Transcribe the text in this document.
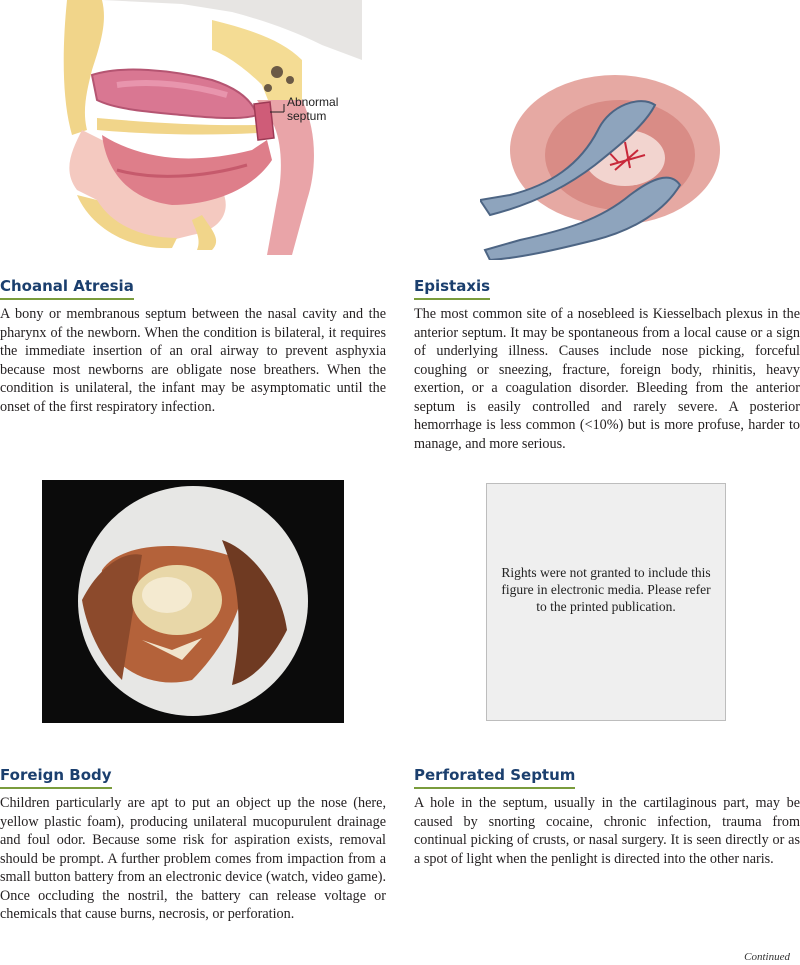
Abnormal septum
Choanal Atresia

A bony or membranous septum between the nasal cavity and the pharynx of the newborn. When the condition is bilateral, it requires the immediate insertion of an oral airway to prevent asphyxia because most newborns are obligate nose breathers. When the condition is unilateral, the infant may be asymptomatic until the onset of the first respiratory infection.

Epistaxis

The most common site of a nosebleed is Kiesselbach plexus in the anterior septum. It may be spontaneous from a local cause or a sign of underlying illness. Causes include nose picking, forceful coughing or sneezing, fracture, foreign body, rhinitis, heavy exertion, or a coagulation disorder. Bleeding from the anterior septum is easily controlled and rarely severe. A posterior hemorrhage is less common (<10%) but is more profuse, harder to manage, and more serious.

Rights were not granted to include this figure in electronic media. Please refer to the printed publication.
Foreign Body

Children particularly are apt to put an object up the nose (here, yellow plastic foam), producing unilateral mucopurulent drainage and foul odor. Because some risk for aspiration exists, removal should be prompt. A further problem comes from impaction from a small button battery from an electronic device (watch, video game). Once occluding the nostril, the battery can release voltage or chemicals that cause burns, necrosis, or perforation.

Perforated Septum

A hole in the septum, usually in the cartilaginous part, may be caused by snorting cocaine, chronic infection, trauma from continual picking of crusts, or nasal surgery. It is seen directly or as a spot of light when the penlight is directed into the other naris.

Continued
